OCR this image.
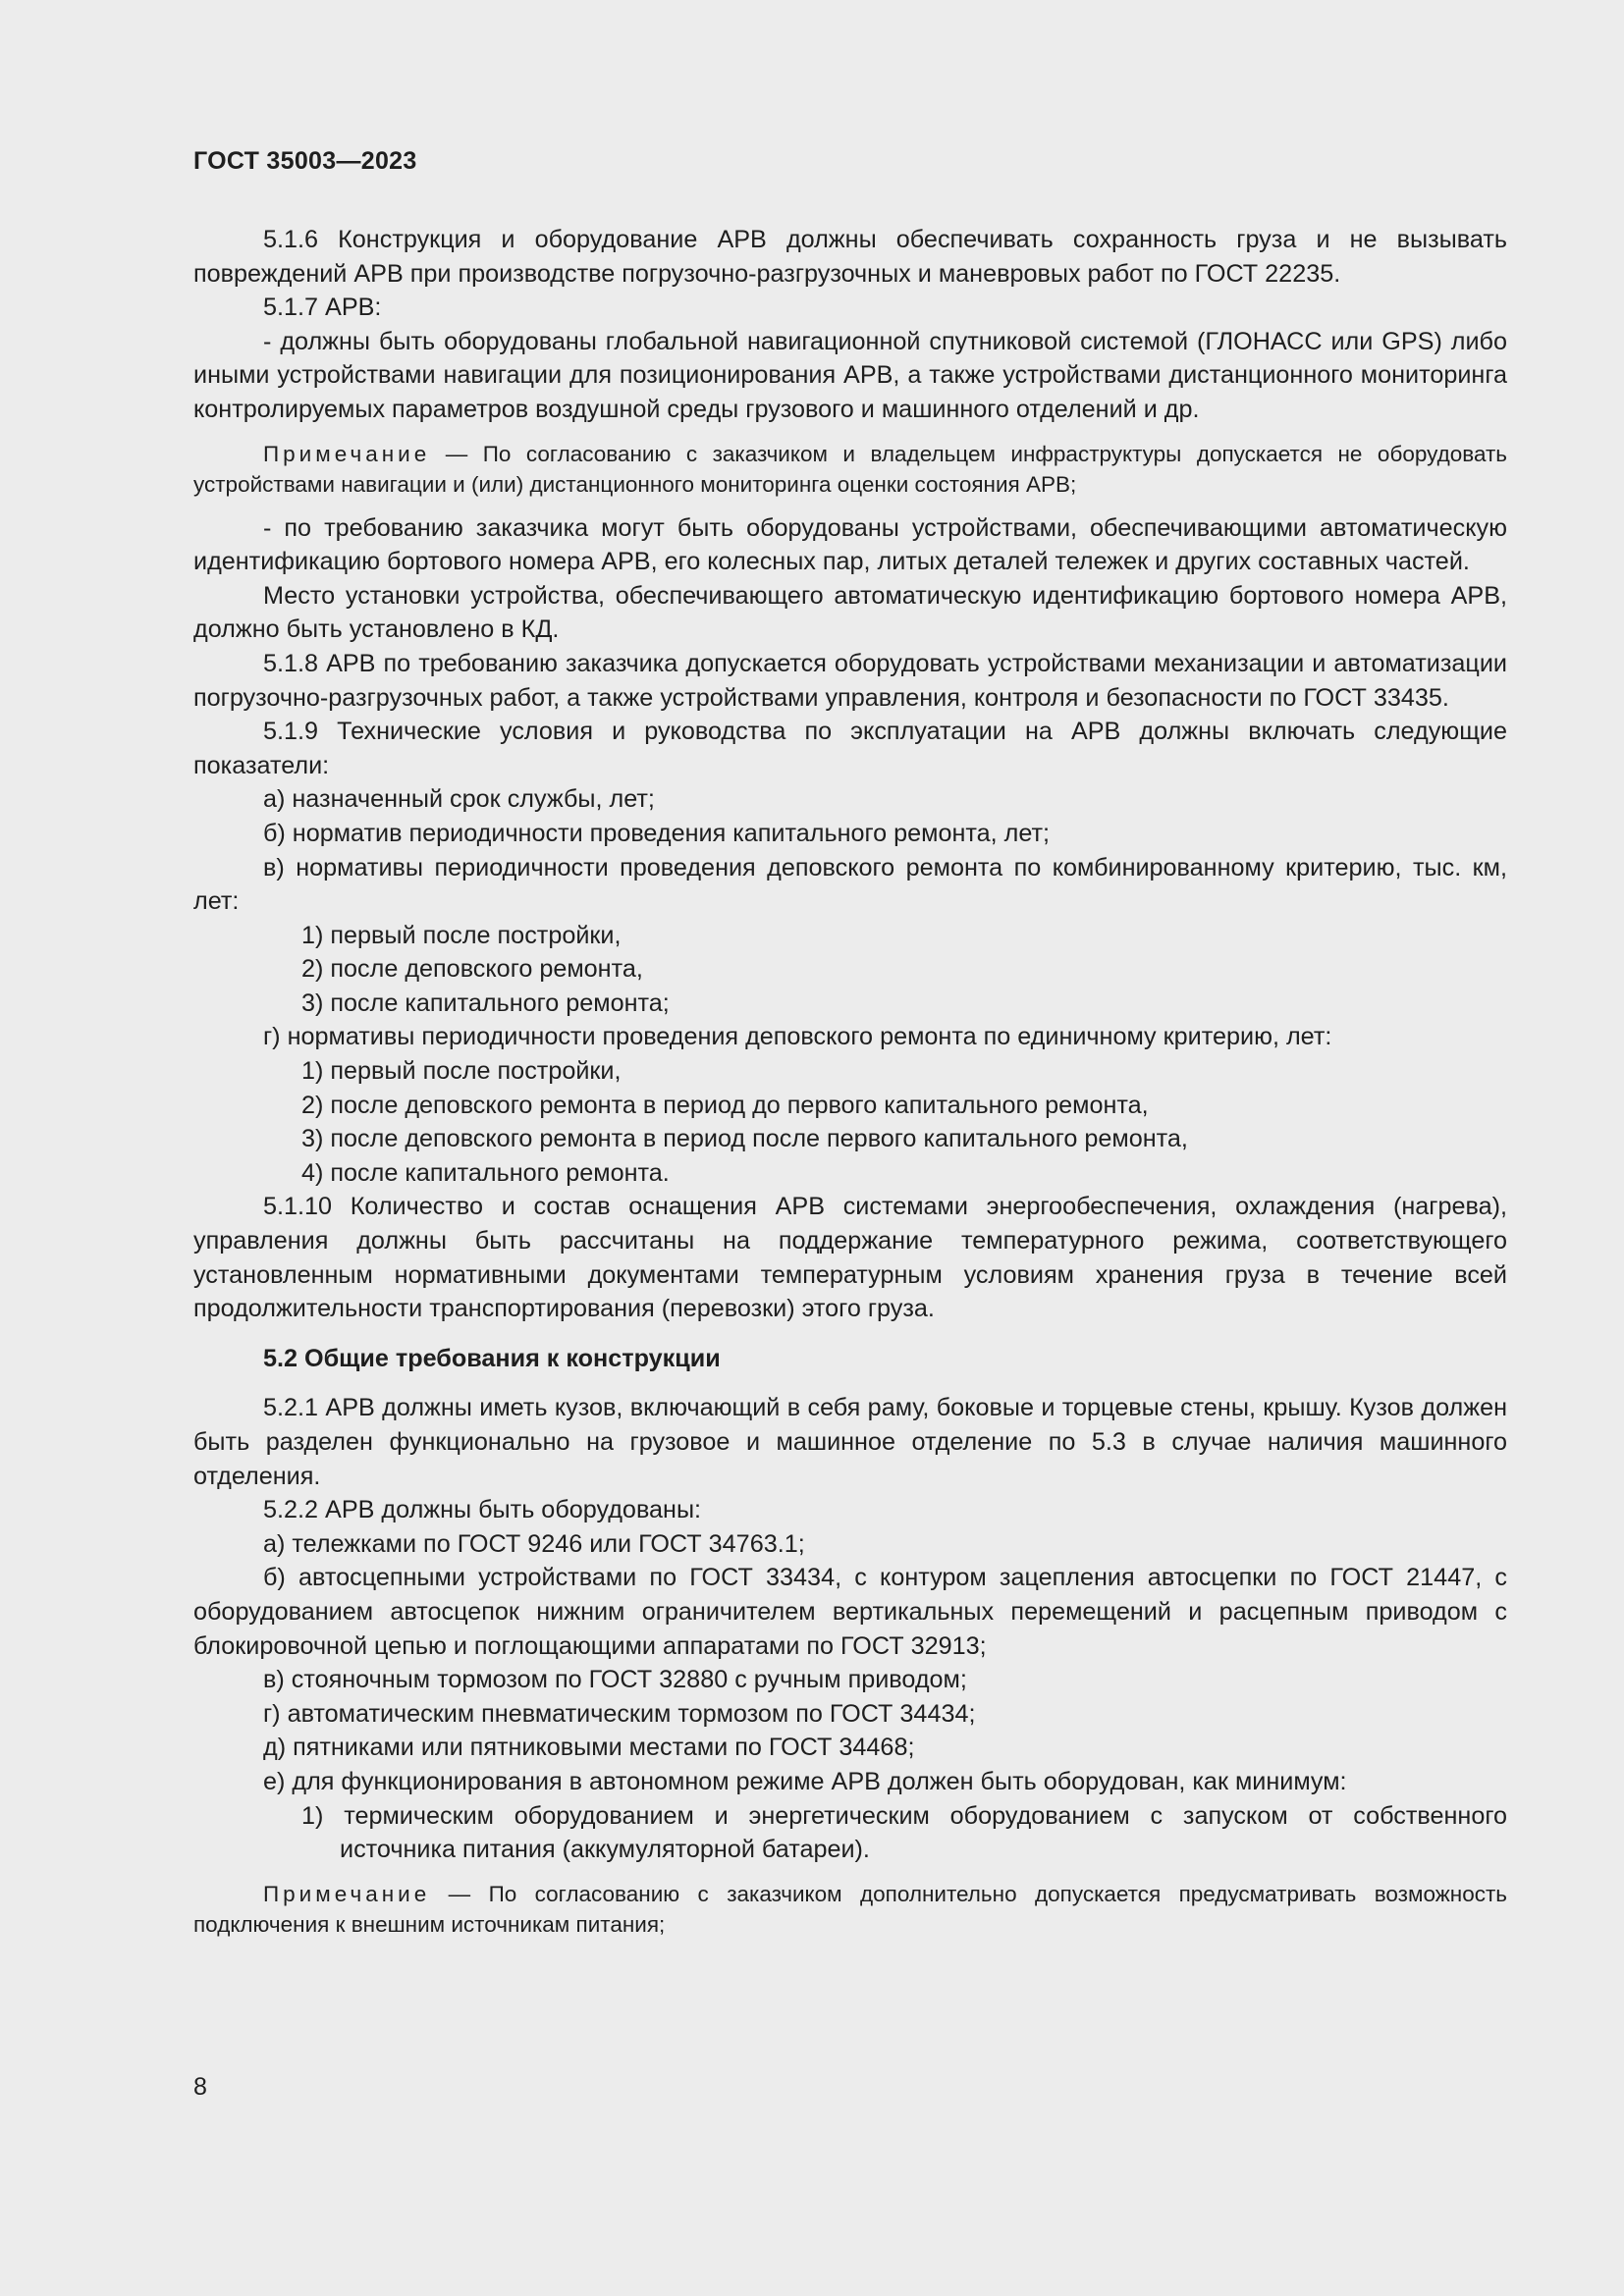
ГОСТ 35003—2023

5.1.6 Конструкция и оборудование АРВ должны обеспечивать сохранность груза и не вызывать повреждений АРВ при производстве погрузочно-разгрузочных и маневровых работ по ГОСТ 22235.

5.1.7 АРВ:

- должны быть оборудованы глобальной навигационной спутниковой системой (ГЛОНАСС или GPS) либо иными устройствами навигации для позиционирования АРВ, а также устройствами дистанционного мониторинга контролируемых параметров воздушной среды грузового и машинного отделений и др.

Примечание — По согласованию с заказчиком и владельцем инфраструктуры допускается не оборудовать устройствами навигации и (или) дистанционного мониторинга оценки состояния АРВ;

- по требованию заказчика могут быть оборудованы устройствами, обеспечивающими автоматическую идентификацию бортового номера АРВ, его колесных пар, литых деталей тележек и других составных частей.

Место установки устройства, обеспечивающего автоматическую идентификацию бортового номера АРВ, должно быть установлено в КД.

5.1.8 АРВ по требованию заказчика допускается оборудовать устройствами механизации и автоматизации погрузочно-разгрузочных работ, а также устройствами управления, контроля и безопасности по ГОСТ 33435.

5.1.9 Технические условия и руководства по эксплуатации на АРВ должны включать следующие показатели:

а) назначенный срок службы, лет;

б) норматив периодичности проведения капитального ремонта, лет;

в) нормативы периодичности проведения деповского ремонта по комбинированному критерию, тыс. км, лет:

1) первый после постройки,

2) после деповского ремонта,

3) после капитального ремонта;

г) нормативы периодичности проведения деповского ремонта по единичному критерию, лет:

1) первый после постройки,

2) после деповского ремонта в период до первого капитального ремонта,

3) после деповского ремонта в период после первого капитального ремонта,

4) после капитального ремонта.

5.1.10 Количество и состав оснащения АРВ системами энергообеспечения, охлаждения (нагрева), управления должны быть рассчитаны на поддержание температурного режима, соответствующего установленным нормативными документами температурным условиям хранения груза в течение всей продолжительности транспортирования (перевозки) этого груза.

5.2 Общие требования к конструкции

5.2.1 АРВ должны иметь кузов, включающий в себя раму, боковые и торцевые стены, крышу. Кузов должен быть разделен функционально на грузовое и машинное отделение по 5.3 в случае наличия машинного отделения.

5.2.2 АРВ должны быть оборудованы:

а) тележками по ГОСТ 9246 или ГОСТ 34763.1;

б) автосцепными устройствами по ГОСТ 33434, с контуром зацепления автосцепки по ГОСТ 21447, с оборудованием автосцепок нижним ограничителем вертикальных перемещений и расцепным приводом с блокировочной цепью и поглощающими аппаратами по ГОСТ 32913;

в) стояночным тормозом по ГОСТ 32880 с ручным приводом;

г) автоматическим пневматическим тормозом по ГОСТ 34434;

д) пятниками или пятниковыми местами по ГОСТ 34468;

е) для функционирования в автономном режиме АРВ должен быть оборудован, как минимум:

1) термическим оборудованием и энергетическим оборудованием с запуском от собственного источника питания (аккумуляторной батареи).

Примечание — По согласованию с заказчиком дополнительно допускается предусматривать возможность подключения к внешним источникам питания;

8
